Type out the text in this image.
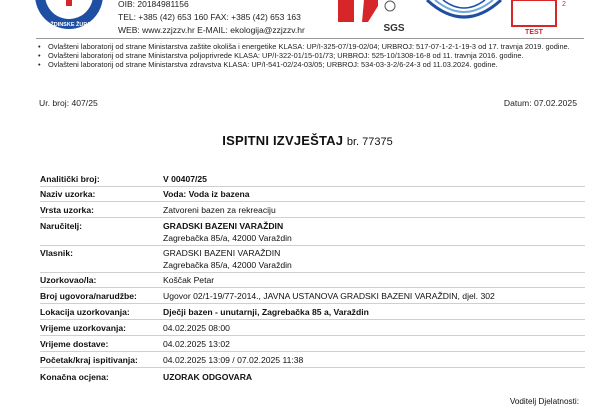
VARAŽDINSKE ŽUPANIJE
OIB: 20184981156
TEL: +385 (42) 653 160 FAX: +385 (42) 653 163
WEB: www.zzjzzv.hr E-MAIL: ekologija@zzjzzv.hr	SGS	TEST
2
• Ovlašteni laboratorij od strane Ministarstva zaštite okoliša i energetike KLASA: UP/I-325-07/19-02/04; URBROJ: 517-07-1-2-1-19-3 od 17. travnja 2019. godine.
• Ovlašteni laboratorij od strane Ministarstva poljoprivrede KLASA: UP/I-322-01/15-01/73; URBROJ: 525-10/1308-16-8 od 11. travnja 2016. godine.
• Ovlašteni laboratorij od strane Ministarstva zdravstva KLASA: UP/I-541-02/24-03/05; URBROJ: 534-03-3-2/6-24-3 od 11.03.2024. godine.
Ur. broj: 407/25	Datum: 07.02.2025
ISPITNI IZVJEŠTAJ br. 77375
Analitički broj:	V 00407/25
Naziv uzorka:	Voda: Voda iz bazena
Vrsta uzorka:	Zatvoreni bazen za rekreaciju
Naručitelj:	GRADSKI BAZENI VARAŽDIN
Zagrebačka 85/a, 42000 Varaždin
Vlasnik:	GRADSKI BAZENI VARAŽDIN
Zagrebačka 85/a, 42000 Varaždin
Uzorkovao/la:	Koščak Petar
Broj ugovora/narudžbe:	Ugovor 02/1-19/77-2014., JAVNA USTANOVA GRADSKI BAZENI VARAŽDIN, djel. 302
Lokacija uzorkovanja:	Dječji bazen - unutarnji, Zagrebačka 85 a, Varaždin
Vrijeme uzorkovanja:	04.02.2025 08:00
Vrijeme dostave:	04.02.2025 13:02
Početak/kraj ispitivanja:	04.02.2025 13:09 / 07.02.2025 11:38
Konačna ocjena:	UZORAK ODGOVARA
Voditelj Djelatnosti:
